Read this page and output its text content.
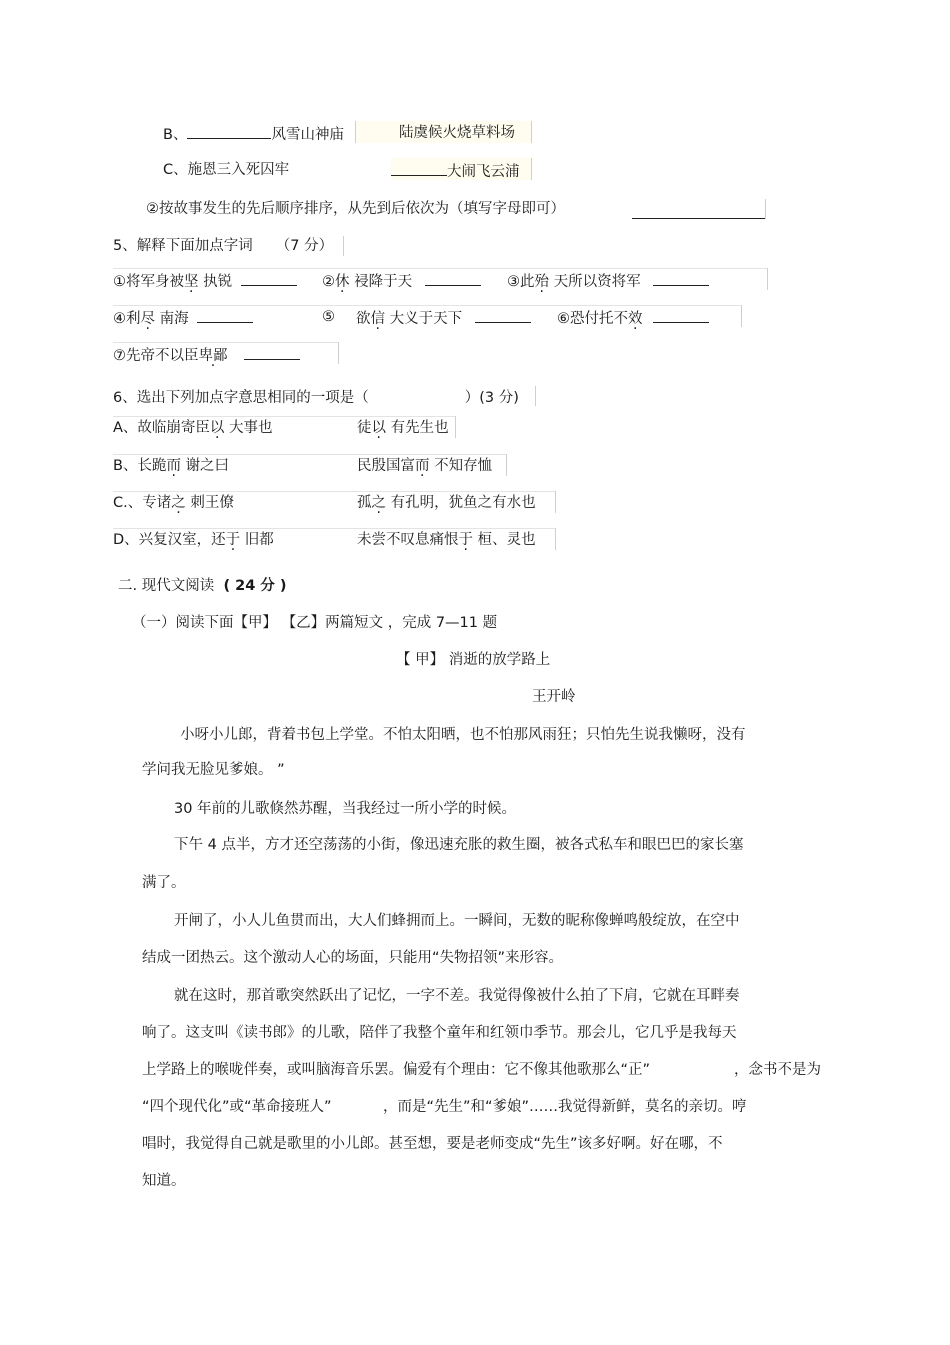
B、	风雪山神庙	陆虞候火烧草料场
C、施恩三入死囚牢	大闹飞云浦
②按故事发生的先后顺序排序，从先到后依次为（填写字母即可）
5、解释下面加点字词 （7 分）
①将军身被坚 执锐	②休 祲降于天	③此殆 天所以资将军
④利尽 南海	⑤ 欲信 大义于天下	⑥恐付托不效
⑦先帝不以臣卑鄙
6、选出下列加点字意思相同的一项是（	）(3 分)
A、故临崩寄臣以 大事也	徒以 有先生也
B、长跪而 谢之曰	民殷国富而 不知存恤
C.、专诸之 刺王僚	孤之 有孔明，犹鱼之有水也
D、兴复汉室，还于 旧都	未尝不叹息痛恨于 桓、灵也
二. 现代文阅读 ( 24 分 )
（一）阅读下面【甲】 【乙】两篇短文 ，完成 7—11 题
【 甲】 消逝的放学路上
王开岭
小呀小儿郎，背着书包上学堂。不怕太阳晒，也不怕那风雨狂；只怕先生说我懒呀，没有
学问我无脸见爹娘。 ”
30 年前的儿歌倏然苏醒，当我经过一所小学的时候。
下午 4 点半，方才还空荡荡的小街，像迅速充胀的救生圈，被各式私车和眼巴巴的家长塞
满了。
开闸了，小人儿鱼贯而出，大人们蜂拥而上。一瞬间，无数的昵称像蝉鸣般绽放，在空中
结成一团热云。这个激动人心的场面，只能用“失物招领”来形容。
就在这时，那首歌突然跃出了记忆，一字不差。我觉得像被什么拍了下肩，它就在耳畔奏
响了。这支叫《读书郎》的儿歌，陪伴了我整个童年和红领巾季节。那会儿，它几乎是我每天
上学路上的喉咙伴奏，或叫脑海音乐罢。偏爱有个理由：它不像其他歌那么“正”	，念书不是为
“四个现代化”或“革命接班人”	，而是“先生”和“爹娘”……我觉得新鲜，莫名的亲切。哼
唱时，我觉得自己就是歌里的小儿郎。甚至想，要是老师变成“先生”该多好啊。好在哪，不
知道。
